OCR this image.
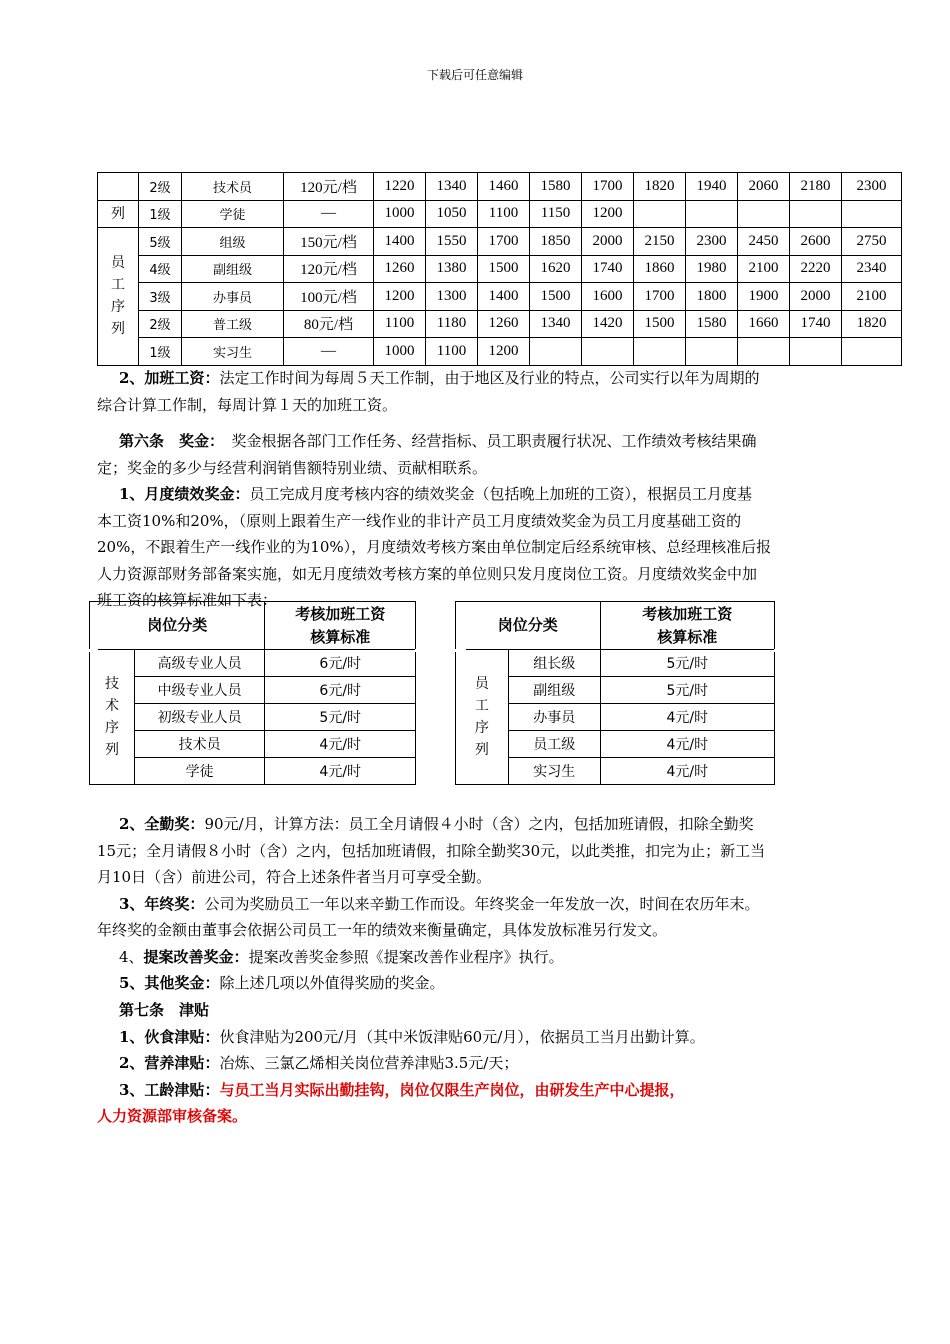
下载后可任意编辑
	2级	技术员	120元/档	1220	1340	1460	1580	1700	1820	1940	2060	2180	2300
列	1级	学徒	—	1000	1050	1100	1150	1200					
员
工
序
列	5级	组级	150元/档	1400	1550	1700	1850	2000	2150	2300	2450	2600	2750
	4级	副组级	120元/档	1260	1380	1500	1620	1740	1860	1980	2100	2220	2340
	3级	办事员	100元/档	1200	1300	1400	1500	1600	1700	1800	1900	2000	2100
	2级	普工级	80元/档	1100	1180	1260	1340	1420	1500	1580	1660	1740	1820
	1级	实习生	—	1000	1100	1200							

2、加班工资：法定工作时间为每周５天工作制，由于地区及行业的特点，公司实行以年为周期的

综合计算工作制，每周计算１天的加班工资。

第六条　奖金：　奖金根据各部门工作任务、经营指标、员工职责履行状况、工作绩效考核结果确

定；奖金的多少与经营利润销售额特别业绩、贡献相联系。

1、月度绩效奖金：员工完成月度考核内容的绩效奖金（包括晚上加班的工资），根据员工月度基

本工资10%和20%，（原则上跟着生产一线作业的非计产员工月度绩效奖金为员工月度基础工资的

20%，不跟着生产一线作业的为10%），月度绩效考核方案由单位制定后经系统审核、总经理核准后报

人力资源部财务部备案实施，如无月度绩效考核方案的单位则只发月度岗位工资。月度绩效奖金中加

班工资的核算标准如下表：

岗位分类		考核加班工资
核算标准
技
术
序
列	高级专业人员	6元/时
	中级专业人员	6元/时
	初级专业人员	5元/时
	技术员	4元/时
	学徒	4元/时
岗位分类		考核加班工资
核算标准
员
工
序
列	组长级	5元/时
	副组级	5元/时
	办事员	4元/时
	员工级	4元/时
	实习生	4元/时

2、全勤奖：90元/月，计算方法：员工全月请假４小时（含）之内，包括加班请假，扣除全勤奖

15元；全月请假８小时（含）之内，包括加班请假，扣除全勤奖30元，以此类推，扣完为止；新工当

月10日（含）前进公司，符合上述条件者当月可享受全勤。

3、年终奖：公司为奖励员工一年以来辛勤工作而设。年终奖金一年发放一次，时间在农历年末。

年终奖的金额由董事会依据公司员工一年的绩效来衡量确定，具体发放标准另行发文。

4、提案改善奖金：提案改善奖金参照《提案改善作业程序》执行。

5、其他奖金：除上述几项以外值得奖励的奖金。

第七条　津贴

1、伙食津贴：伙食津贴为200元/月（其中米饭津贴60元/月），依据员工当月出勤计算。

2、营养津贴：冶炼、三氯乙烯相关岗位营养津贴3.5元/天；

3、工龄津贴：与员工当月实际出勤挂钩，岗位仅限生产岗位，由研发生产中心提报，

人力资源部审核备案。
